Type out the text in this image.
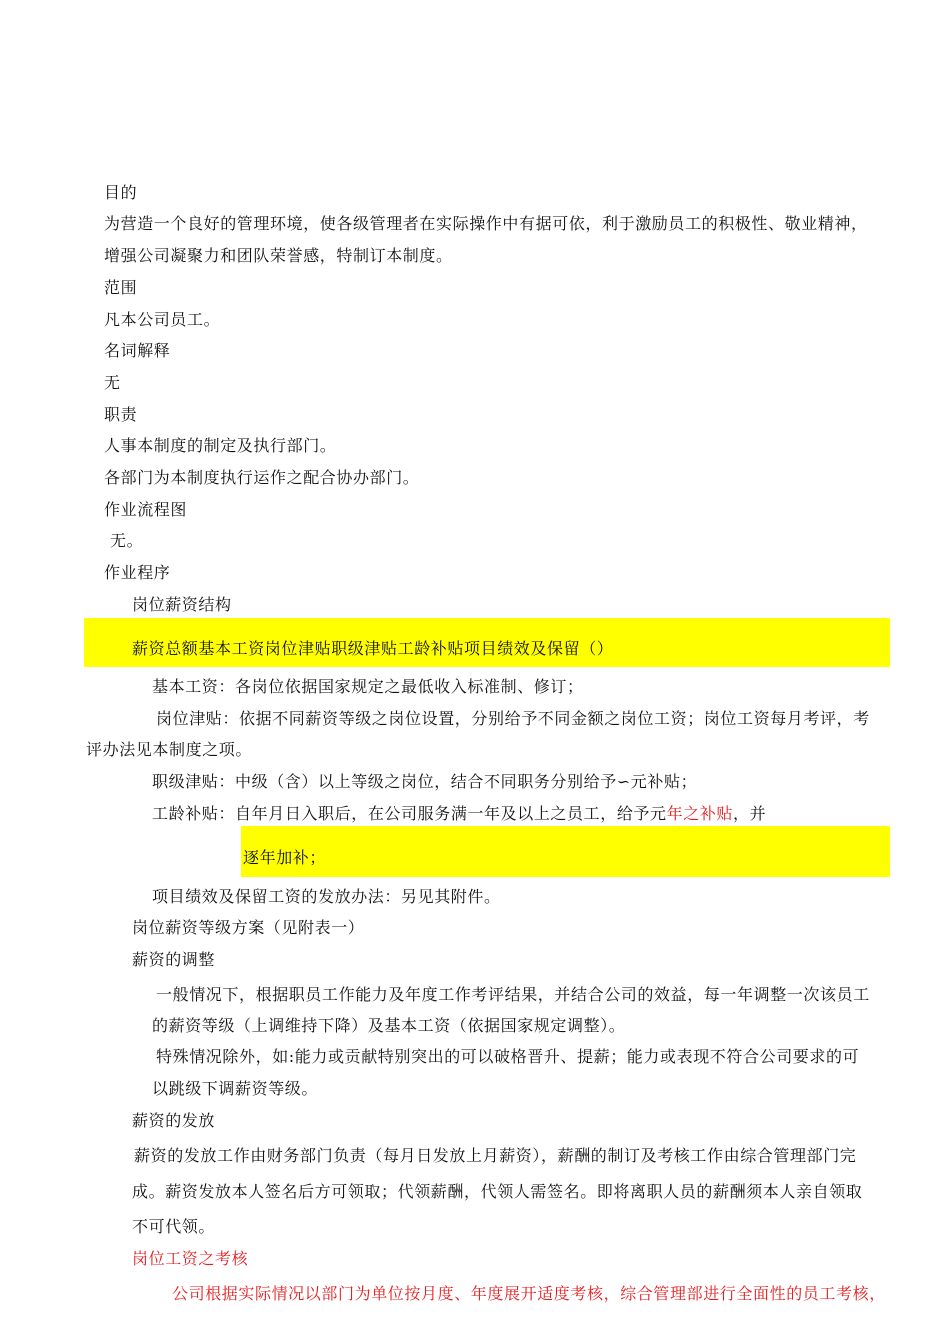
目的
为营造一个良好的管理环境，使各级管理者在实际操作中有据可依，利于激励员工的积极性、敬业精神，
增强公司凝聚力和团队荣誉感，特制订本制度。
范围
凡本公司员工。
名词解释
无
职责
人事本制度的制定及执行部门。
各部门为本制度执行运作之配合协办部门。
作业流程图
无。
作业程序
岗位薪资结构
薪资总额基本工资岗位津贴职级津贴工龄补贴项目绩效及保留（）
基本工资：各岗位依据国家规定之最低收入标准制、修订；
岗位津贴：依据不同薪资等级之岗位设置，分别给予不同金额之岗位工资；岗位工资每月考评，考
评办法见本制度之项。
职级津贴：中级（含）以上等级之岗位，结合不同职务分别给予∽元补贴；
工龄补贴：自年月日入职后，在公司服务满一年及以上之员工，给予元年之补贴，并
逐年加补；
项目绩效及保留工资的发放办法：另见其附件。
岗位薪资等级方案（见附表一）
薪资的调整
一般情况下，根据职员工作能力及年度工作考评结果，并结合公司的效益，每一年调整一次该员工
的薪资等级（上调维持下降）及基本工资（依据国家规定调整）。
特殊情况除外，如:能力或贡献特别突出的可以破格晋升、提薪；能力或表现不符合公司要求的可
以跳级下调薪资等级。
薪资的发放
薪资的发放工作由财务部门负责（每月日发放上月薪资），薪酬的制订及考核工作由综合管理部门完
成。薪资发放本人签名后方可领取；代领薪酬，代领人需签名。即将离职人员的薪酬须本人亲自领取
不可代领。
岗位工资之考核
公司根据实际情况以部门为单位按月度、年度展开适度考核，综合管理部进行全面性的员工考核，
